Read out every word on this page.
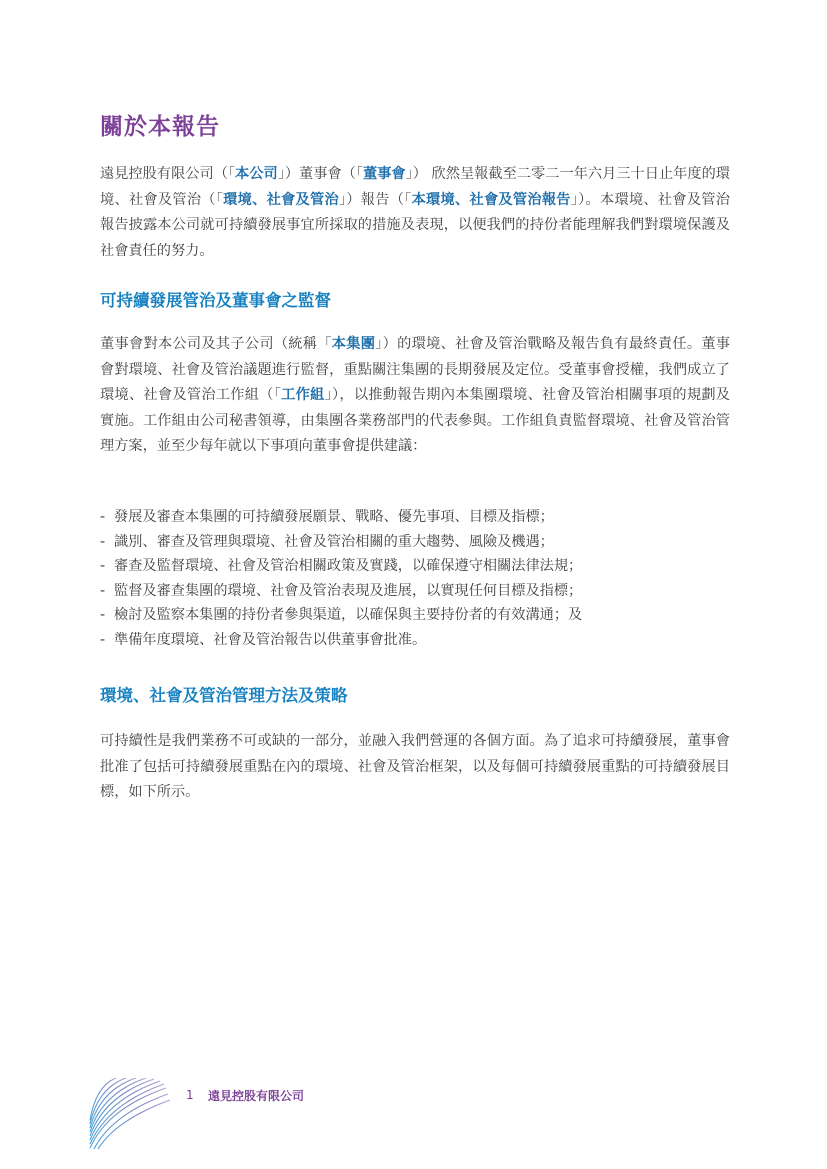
關於本報告

遠見控股有限公司（「本公司」）董事會（「董事會」） 欣然呈報截至二零二一年六月三十日止年度的環境、社會及管治（「環境、社會及管治」）報告（「本環境、社會及管治報告」）。本環境、社會及管治報告披露本公司就可持續發展事宜所採取的措施及表現，以便我們的持份者能理解我們對環境保護及社會責任的努力。

可持續發展管治及董事會之監督

董事會對本公司及其子公司（統稱「本集團」）的環境、社會及管治戰略及報告負有最終責任。董事會對環境、社會及管治議題進行監督，重點關注集團的長期發展及定位。受董事會授權，我們成立了環境、社會及管治工作組（「工作組」），以推動報告期內本集團環境、社會及管治相關事項的規劃及實施。工作組由公司秘書領導，由集團各業務部門的代表參與。工作組負責監督環境、社會及管治管理方案，並至少每年就以下事項向董事會提供建議：

- 發展及審查本集團的可持續發展願景、戰略、優先事項、目標及指標；
- 識別、審查及管理與環境、社會及管治相關的重大趨勢、風險及機遇；
- 審查及監督環境、社會及管治相關政策及實踐，以確保遵守相關法律法規；
- 監督及審查集團的環境、社會及管治表現及進展，以實現任何目標及指標；
- 檢討及監察本集團的持份者參與渠道，以確保與主要持份者的有效溝通；及
- 準備年度環境、社會及管治報告以供董事會批准。
環境、社會及管治管理方法及策略

可持續性是我們業務不可或缺的一部分，並融入我們營運的各個方面。為了追求可持續發展，董事會批准了包括可持續發展重點在內的環境、社會及管治框架，以及每個可持續發展重點的可持續發展目標，如下所示。

1 遠見控股有限公司
